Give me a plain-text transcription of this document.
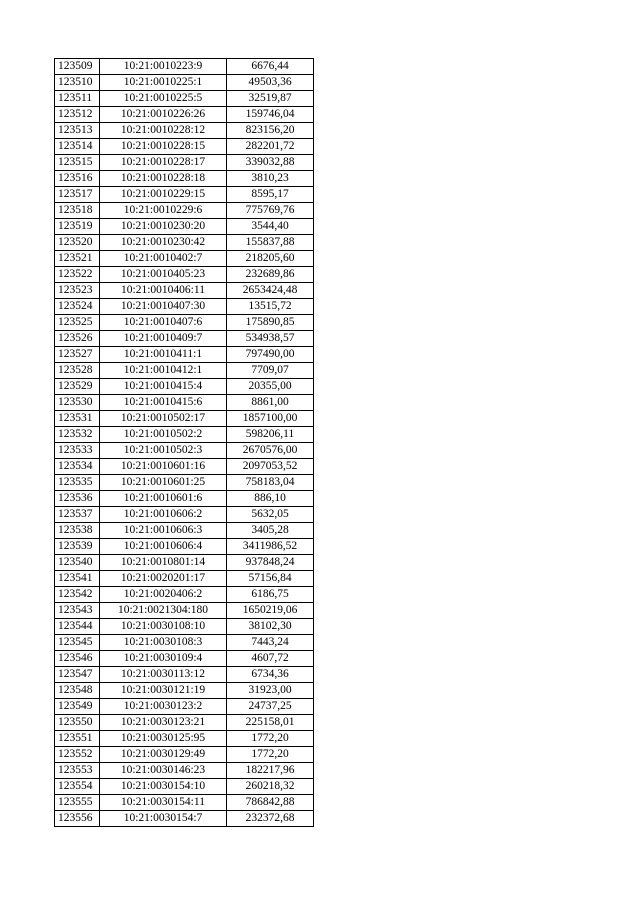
123509	10:21:0010223:9	6676,44
123510	10:21:0010225:1	49503,36
123511	10:21:0010225:5	32519,87
123512	10:21:0010226:26	159746,04
123513	10:21:0010228:12	823156,20
123514	10:21:0010228:15	282201,72
123515	10:21:0010228:17	339032,88
123516	10:21:0010228:18	3810,23
123517	10:21:0010229:15	8595,17
123518	10:21:0010229:6	775769,76
123519	10:21:0010230:20	3544,40
123520	10:21:0010230:42	155837,88
123521	10:21:0010402:7	218205,60
123522	10:21:0010405:23	232689,86
123523	10:21:0010406:11	2653424,48
123524	10:21:0010407:30	13515,72
123525	10:21:0010407:6	175890,85
123526	10:21:0010409:7	534938,57
123527	10:21:0010411:1	797490,00
123528	10:21:0010412:1	7709,07
123529	10:21:0010415:4	20355,00
123530	10:21:0010415:6	8861,00
123531	10:21:0010502:17	1857100,00
123532	10:21:0010502:2	598206,11
123533	10:21:0010502:3	2670576,00
123534	10:21:0010601:16	2097053,52
123535	10:21:0010601:25	758183,04
123536	10:21:0010601:6	886,10
123537	10:21:0010606:2	5632,05
123538	10:21:0010606:3	3405,28
123539	10:21:0010606:4	3411986,52
123540	10:21:0010801:14	937848,24
123541	10:21:0020201:17	57156,84
123542	10:21:0020406:2	6186,75
123543	10:21:0021304:180	1650219,06
123544	10:21:0030108:10	38102,30
123545	10:21:0030108:3	7443,24
123546	10:21:0030109:4	4607,72
123547	10:21:0030113:12	6734,36
123548	10:21:0030121:19	31923,00
123549	10:21:0030123:2	24737,25
123550	10:21:0030123:21	225158,01
123551	10:21:0030125:95	1772,20
123552	10:21:0030129:49	1772,20
123553	10:21:0030146:23	182217,96
123554	10:21:0030154:10	260218,32
123555	10:21:0030154:11	786842,88
123556	10:21:0030154:7	232372,68
